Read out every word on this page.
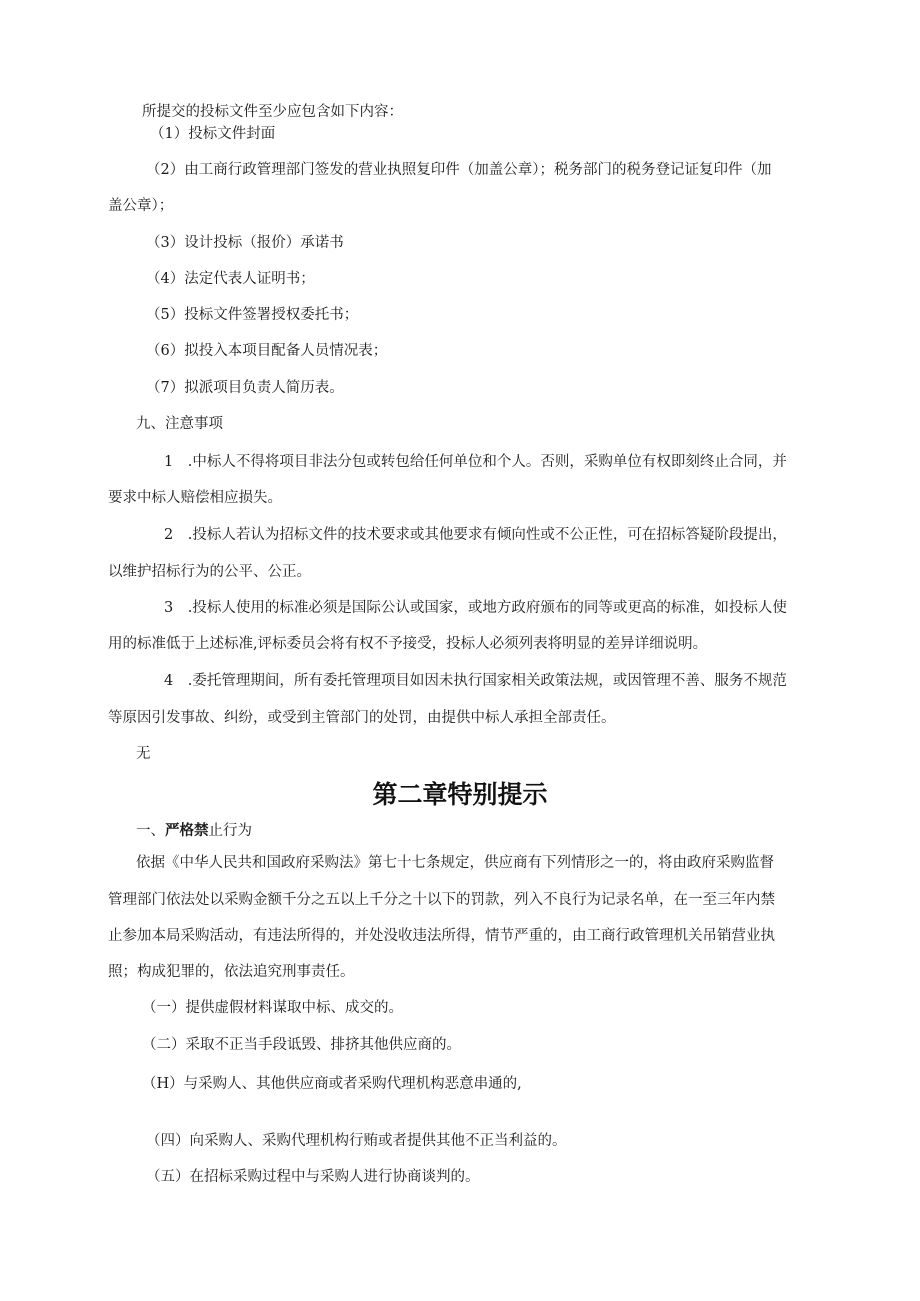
所提交的投标文件至少应包含如下内容：
（1）投标文件封面
（2）由工商行政管理部门签发的营业执照复印件（加盖公章）；税务部门的税务登记证复印件（加
盖公章）；
（3）设计投标（报价）承诺书
（4）法定代表人证明书；
（5）投标文件签署授权委托书；
（6）拟投入本项目配备人员情况表；
（7）拟派项目负责人简历表。
九、注意事项
1　.中标人不得将项目非法分包或转包给任何单位和个人。否则，采购单位有权即刻终止合同，并
要求中标人赔偿相应损失。
2　.投标人若认为招标文件的技术要求或其他要求有倾向性或不公正性，可在招标答疑阶段提出，
以维护招标行为的公平、公正。
3　.投标人使用的标准必须是国际公认或国家，或地方政府颁布的同等或更高的标准，如投标人使
用的标准低于上述标准,评标委员会将有权不予接受，投标人必须列表将明显的差异详细说明。
4　.委托管理期间，所有委托管理项目如因未执行国家相关政策法规，或因管理不善、服务不规范
等原因引发事故、纠纷，或受到主管部门的处罚，由提供中标人承担全部责任。
无
第二章特别提示
一、严格禁止行为
依据《中华人民共和国政府采购法》第七十七条规定，供应商有下列情形之一的，将由政府采购监督
管理部门依法处以采购金额千分之五以上千分之十以下的罚款，列入不良行为记录名单，在一至三年内禁
止参加本局采购活动，有违法所得的，并处没收违法所得，情节严重的，由工商行政管理机关吊销营业执
照；构成犯罪的，依法追究刑事责任。
（一）提供虚假材料谋取中标、成交的。
（二）采取不正当手段诋毁、排挤其他供应商的。
（H）与采购人、其他供应商或者采购代理机构恶意串通的,
（四）向采购人、采购代理机构行贿或者提供其他不正当利益的。
（五）在招标采购过程中与采购人进行协商谈判的。
